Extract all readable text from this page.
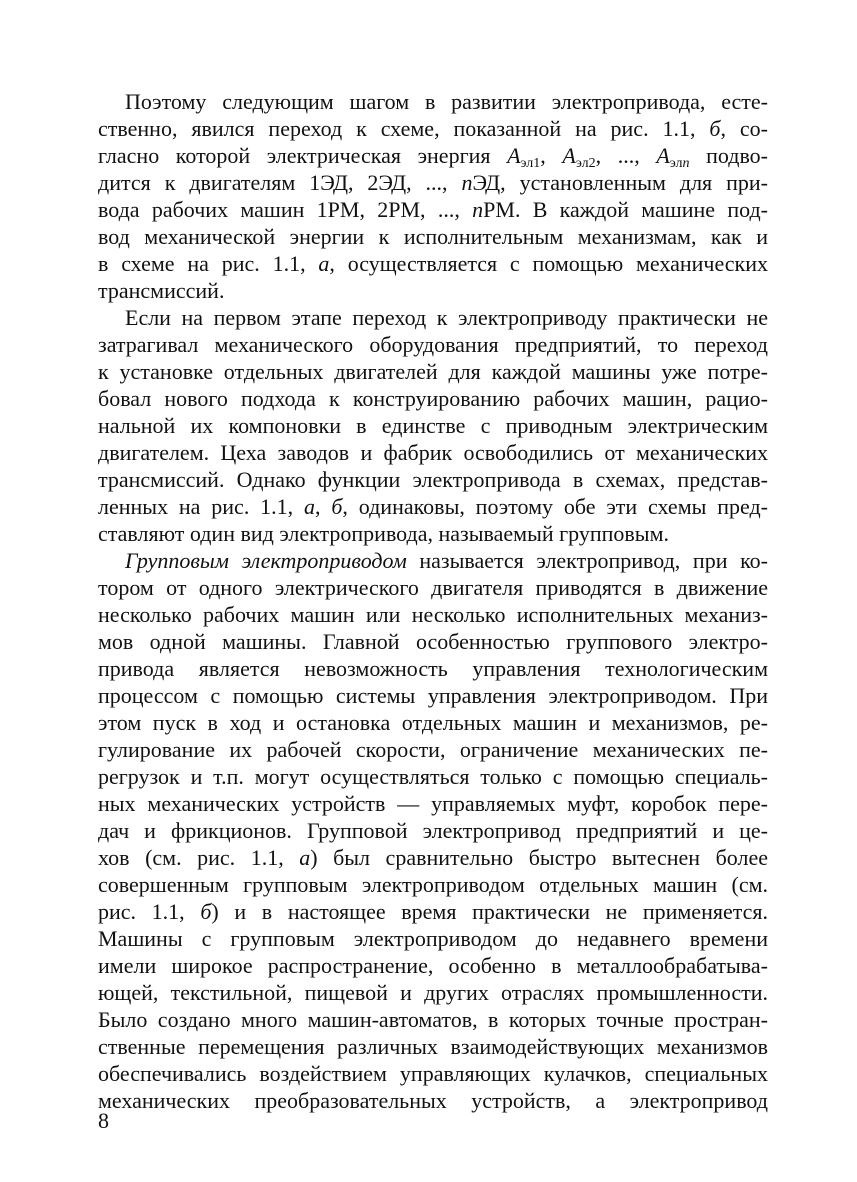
Поэтому следующим шагом в развитии электропривода, есте-
ственно, явился переход к схеме, показанной на рис. 1.1, б, со-
гласно которой электрическая энергия $A_{эл1}$, $A_{эл2}$, ..., $A_{элn}$ подво-
дится к двигателям 1ЭД, 2ЭД, ..., nЭД, установленным для при-
вода рабочих машин 1РМ, 2РМ, ..., nРМ. В каждой машине под-
вод механической энергии к исполнительным механизмам, как и
в схеме на рис. 1.1, а, осуществляется с помощью механических
трансмиссий.
Если на первом этапе переход к электроприводу практически не
затрагивал механического оборудования предприятий, то переход
к установке отдельных двигателей для каждой машины уже потре-
бовал нового подхода к конструированию рабочих машин, рацио-
нальной их компоновки в единстве с приводным электрическим
двигателем. Цеха заводов и фабрик освободились от механических
трансмиссий. Однако функции электропривода в схемах, представ-
ленных на рис. 1.1, а, б, одинаковы, поэтому обе эти схемы пред-
ставляют один вид электропривода, называемый групповым.
Групповым электроприводом называется электропривод, при ко-
тором от одного электрического двигателя приводятся в движение
несколько рабочих машин или несколько исполнительных механиз-
мов одной машины. Главной особенностью группового электро-
привода является невозможность управления технологическим
процессом с помощью системы управления электроприводом. При
этом пуск в ход и остановка отдельных машин и механизмов, ре-
гулирование их рабочей скорости, ограничение механических пе-
регрузок и т.п. могут осуществляться только с помощью специаль-
ных механических устройств — управляемых муфт, коробок пере-
дач и фрикционов. Групповой электропривод предприятий и це-
хов (см. рис. 1.1, а) был сравнительно быстро вытеснен более
совершенным групповым электроприводом отдельных машин (см.
рис. 1.1, б) и в настоящее время практически не применяется.
Машины с групповым электроприводом до недавнего времени
имели широкое распространение, особенно в металлообрабатыва-
ющей, текстильной, пищевой и других отраслях промышленности.
Было создано много машин-автоматов, в которых точные простран-
ственные перемещения различных взаимодействующих механизмов
обеспечивались воздействием управляющих кулачков, специальных
механических преобразовательных устройств, а электропривод
8
